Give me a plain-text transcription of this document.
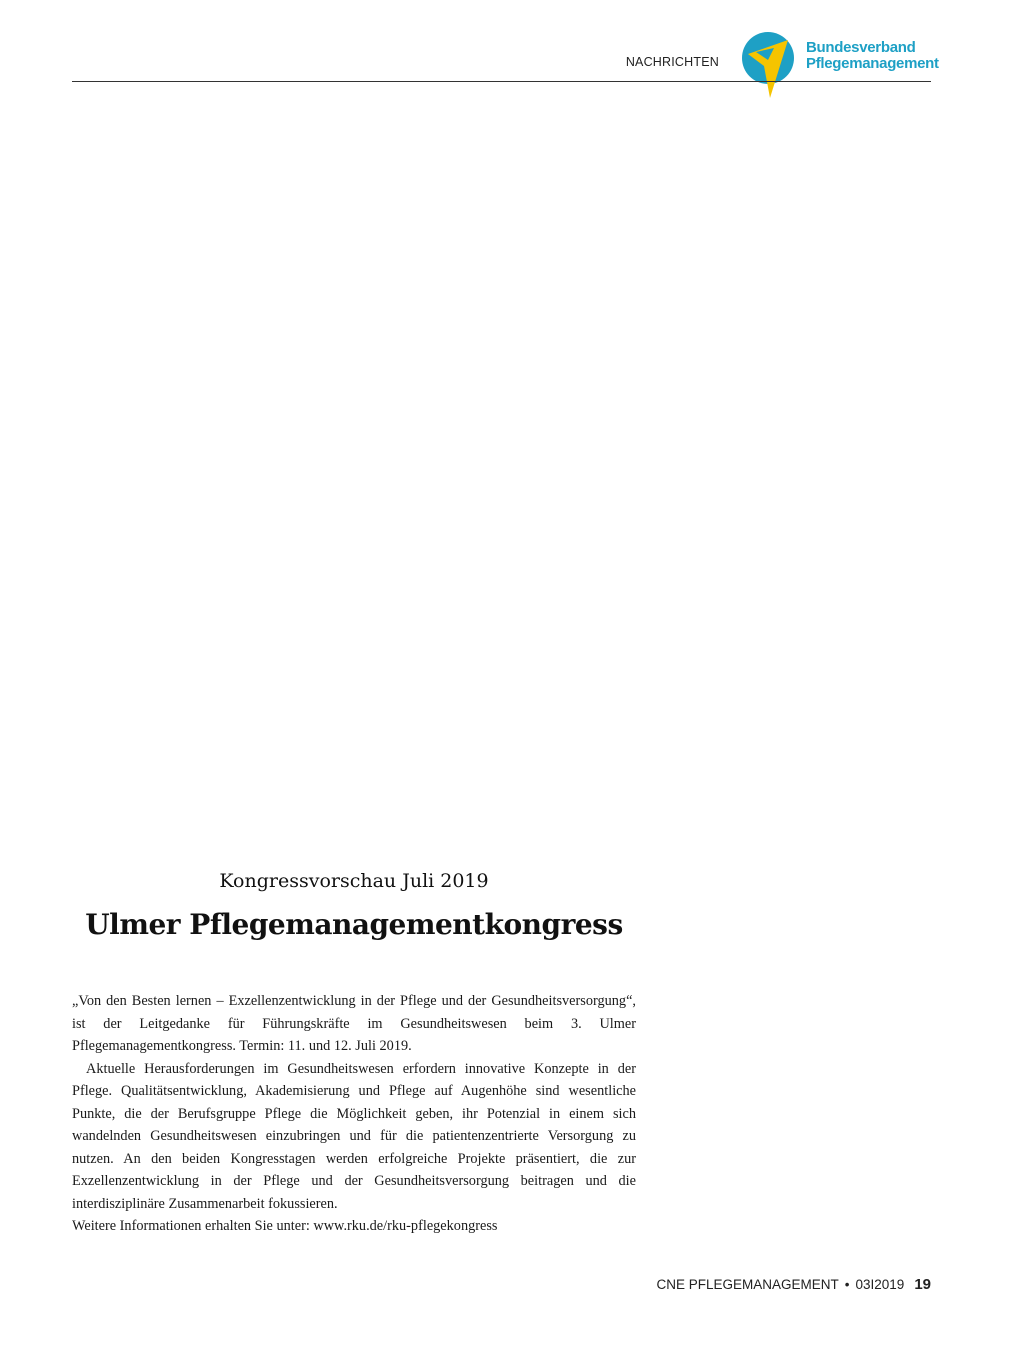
NACHRICHTEN
Bundesverband
Pflegemanagement
Kongressvorschau Juli 2019
Ulmer Pflegemanagementkongress

„Von den Besten lernen – Exzellenzentwicklung in der Pflege und der Gesundheitsversorgung“, ist der Leitgedanke für Führungskräfte im Gesundheitswesen beim 3. Ulmer Pflegemanagementkongress. Termin: 11. und 12. Juli 2019.

Aktuelle Herausforderungen im Gesundheitswesen erfordern innovative Konzepte in der Pflege. Qualitätsentwicklung, Akademisierung und Pflege auf Augenhöhe sind wesentliche Punkte, die der Berufsgruppe Pflege die Möglichkeit geben, ihr Potenzial in einem sich wandelnden Gesundheitswesen einzubringen und für die patientenzentrierte Versorgung zu nutzen. An den beiden Kongresstagen werden erfolgreiche Projekte präsentiert, die zur Exzellenzentwicklung in der Pflege und der Gesundheitsversorgung beitragen und die interdisziplinäre Zusammenarbeit fokussieren.

Weitere Informationen erhalten Sie unter: www.rku.de/rku-pflegekongress

CNE PFLEGEMANAGEMENT • 03I2019 19
